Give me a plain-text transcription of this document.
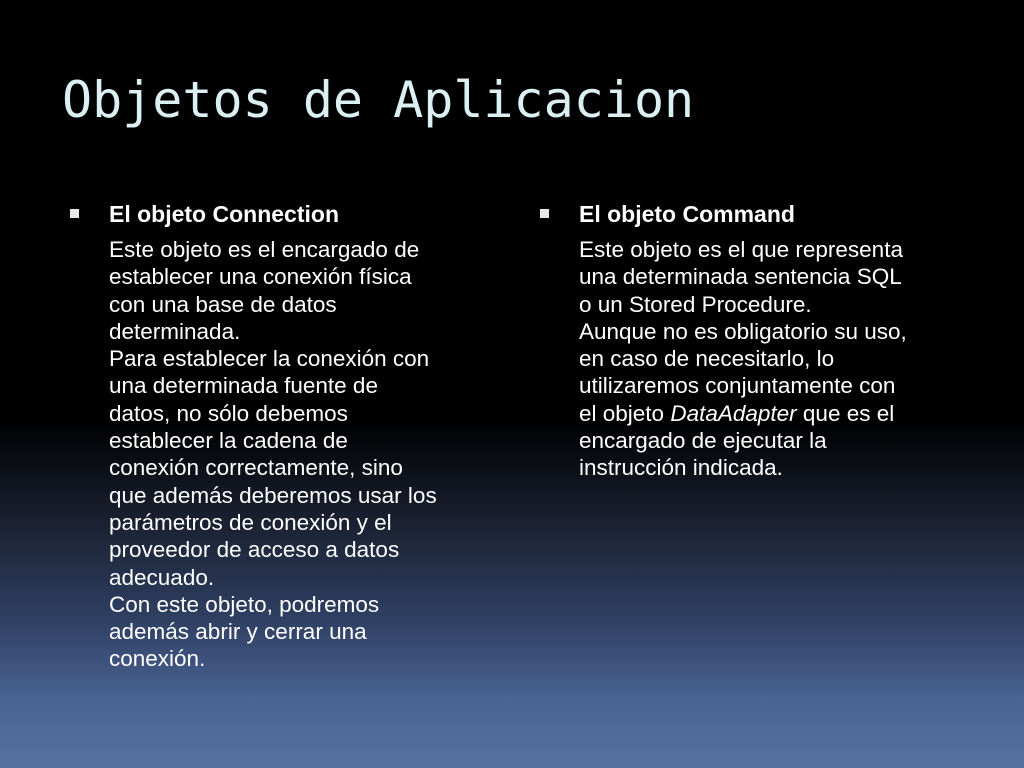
Objetos de Aplicacion

El objeto Connection

Este objeto es el encargado de
establecer una conexión física
con una base de datos
determinada.
Para establecer la conexión con
una determinada fuente de
datos, no sólo debemos
establecer la cadena de
conexión correctamente, sino
que además deberemos usar los
parámetros de conexión y el
proveedor de acceso a datos
adecuado.
Con este objeto, podremos
además abrir y cerrar una
conexión.

El objeto Command

Este objeto es el que representa
una determinada sentencia SQL
o un Stored Procedure.
Aunque no es obligatorio su uso,
en caso de necesitarlo, lo
utilizaremos conjuntamente con
el objeto DataAdapter que es el
encargado de ejecutar la
instrucción indicada.
